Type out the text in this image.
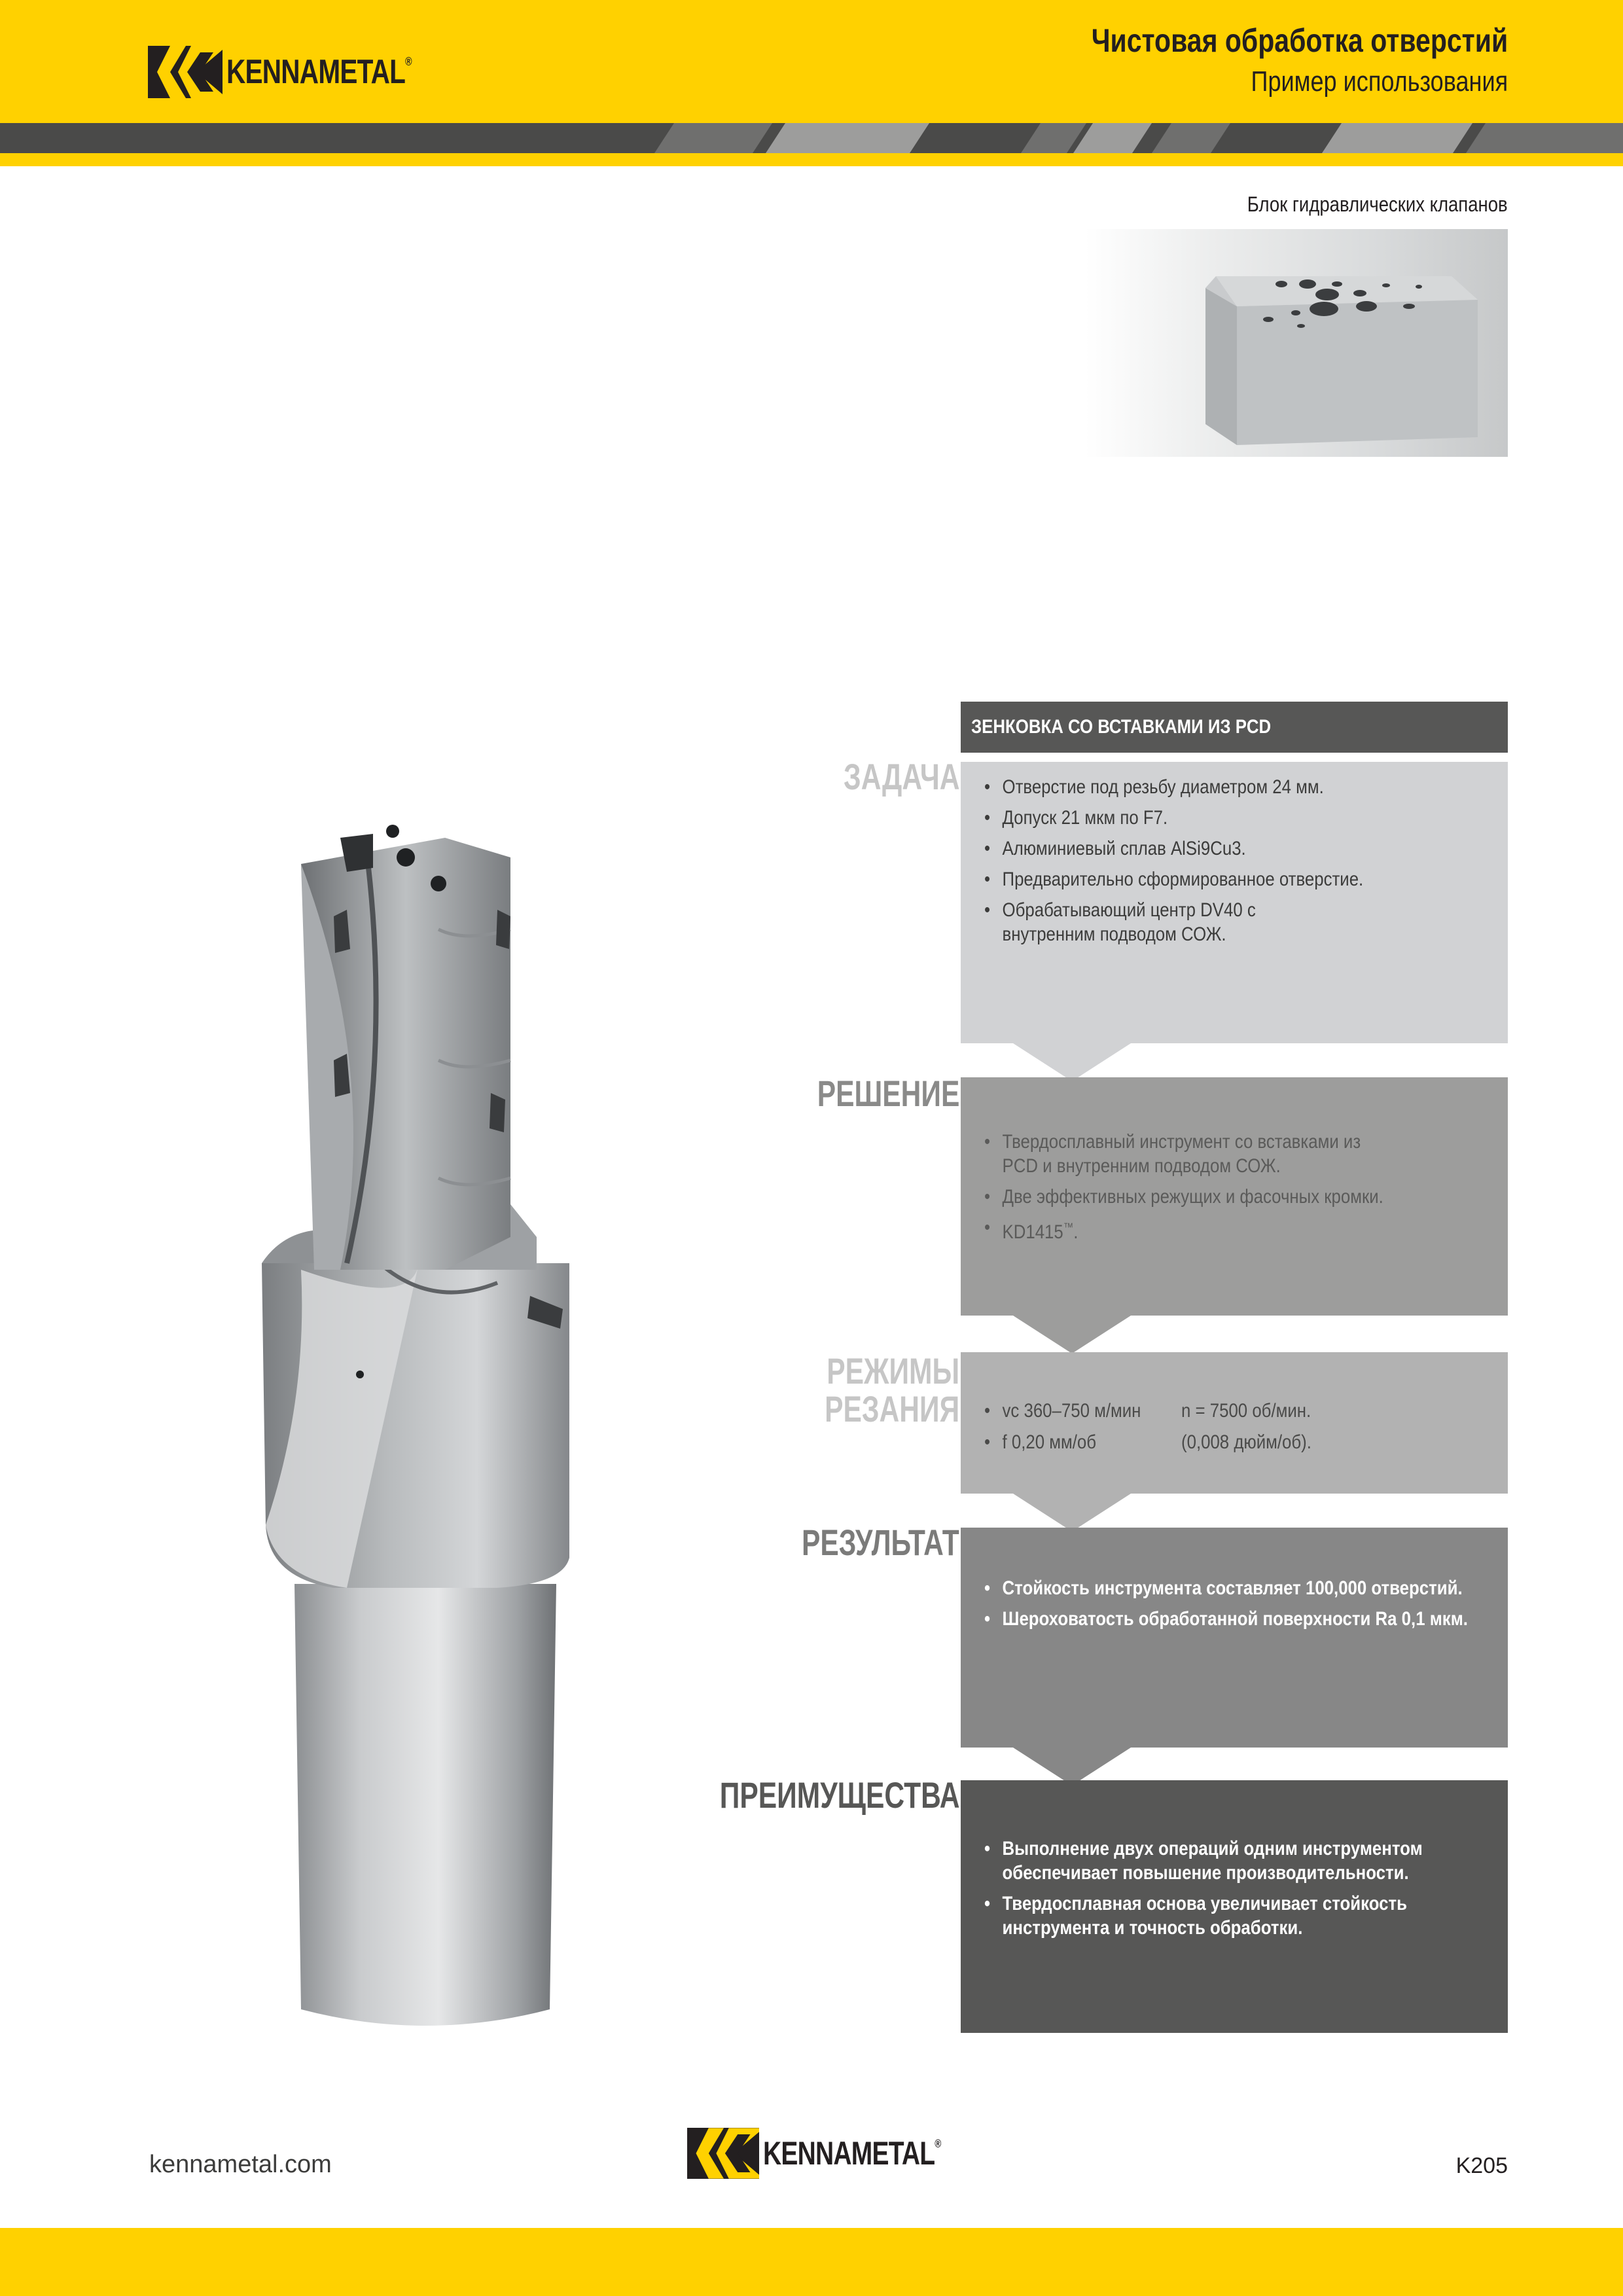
KENNAMETAL®
Чистовая обработка отверстий
Пример использования
Блок гидравлических клапанов
ЗЕНКОВКА СО ВСТАВКАМИ ИЗ PCD
ЗАДАЧА
•	Отверстие под резьбу диаметром 24 мм.
• Допуск 21 мкм по F7.
• Алюминиевый сплав AlSi9Cu3.
• Предварительно сформированное отверстие.
• Обрабатывающий центр DV40 с внутренним подводом СОЖ.
РЕШЕНИЕ
• Твердосплавный инструмент со вставками из PCD и внутренним подводом СОЖ.
• Две эффективных режущих и фасочных кромки.
• KD1415™.
РЕЖИМЫ
РЕЗАНИЯ • vc 360–750 м/мин n = 7500 об/мин.
• f 0,20 мм/об	(0,008 дюйм/об).
РЕЗУЛЬТАТ
• Стойкость инструмента составляет 100,000 отверстий.
• Шероховатость обработанной поверхности Ra 0,1 мкм.
ПРЕИМУЩЕСТВА
• Выполнение двух операций одним инструментом обеспечивает повышение производительности.
• Твердосплавная основа увеличивает стойкость инструмента и точность обработки.
kennametal.com	KENNAMETAL®
K205
